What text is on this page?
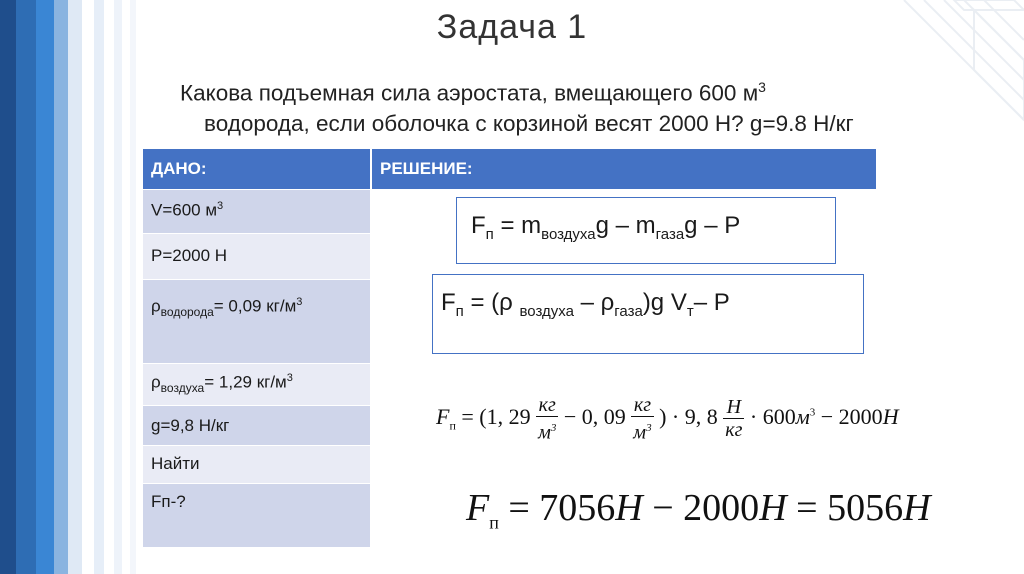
Задача 1
Какова подъемная сила аэростата, вмещающего 600 $м^3$
водорода, если оболочка с корзиной весят 2000 Н? g=9.8 Н/кг
ДАНО:
V=600 $м^3$
P=2000 Н
$\rho_{водорода}= 0,09$ $кг/м^3$
$\rho_{воздуха}= 1,29$ $кг/м^3$
g=9,8 Н/кг
Найти
Fп-?
РЕШЕНИЕ:
$F_п = m_{воздуха}g - m_{газа}g - P$
$F_п = (\rho$ $_{воздуха} - \rho_{газа})g$ $V_т-$ P
$F_п = (1$, $29 \frac{кг}{м^3} - 0$, $09 \frac{кг}{м^3}$ ) · 9, $8 \frac{Н}{кг} \cdot 600м^3 - 2000Н$
$F_п = 7056Н - 2000Н = 5056Н$
